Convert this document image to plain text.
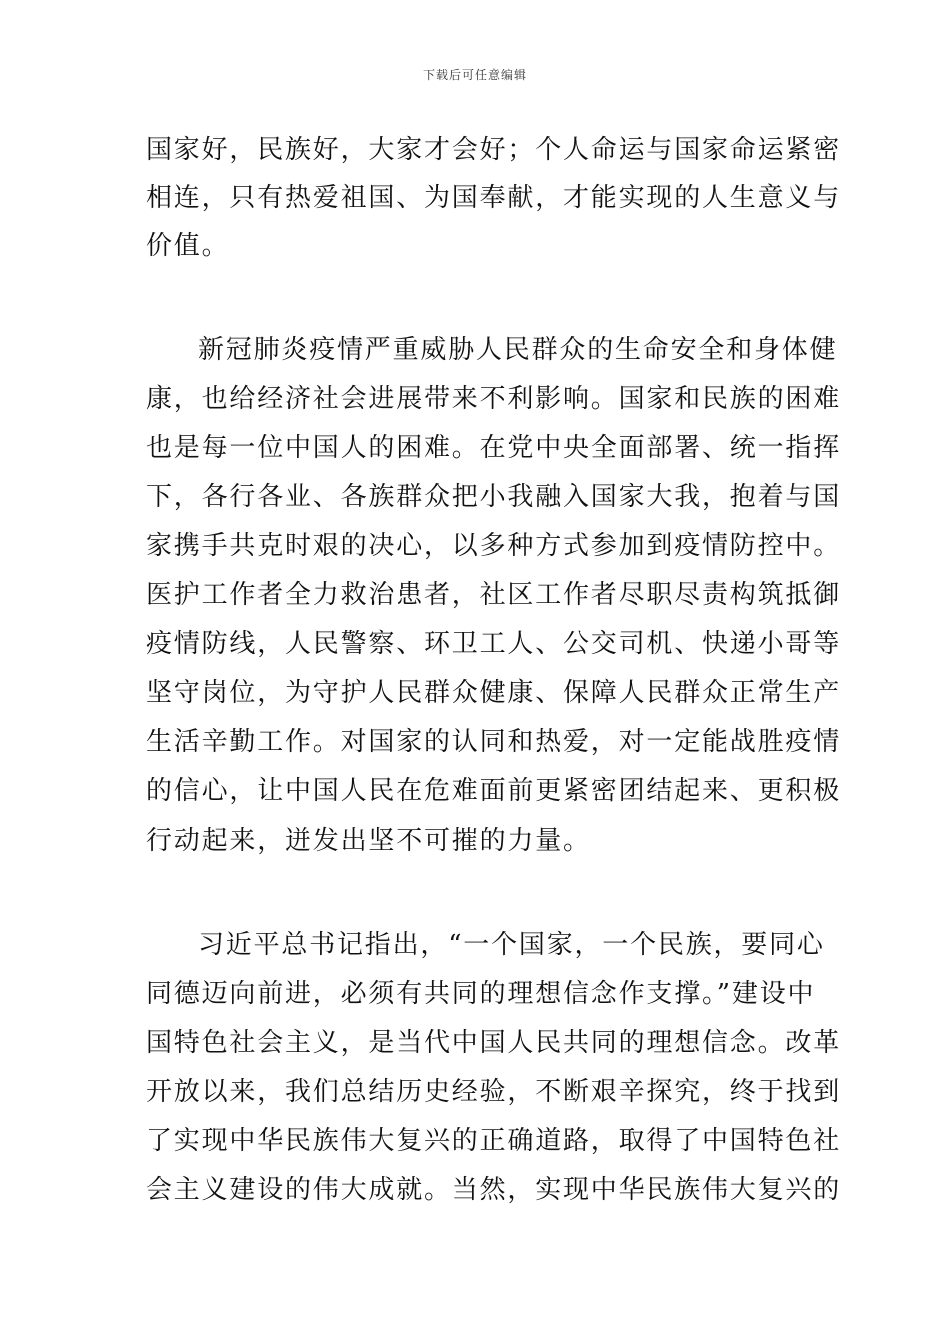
下载后可任意编辑
国家好，民族好，大家才会好；个人命运与国家命运紧密
相连，只有热爱祖国、为国奉献，才能实现的人生意义与
价值。
新冠肺炎疫情严重威胁人民群众的生命安全和身体健
康，也给经济社会进展带来不利影响。国家和民族的困难
也是每一位中国人的困难。在党中央全面部署、统一指挥
下，各行各业、各族群众把小我融入国家大我，抱着与国
家携手共克时艰的决心，以多种方式参加到疫情防控中。
医护工作者全力救治患者，社区工作者尽职尽责构筑抵御
疫情防线，人民警察、环卫工人、公交司机、快递小哥等
坚守岗位，为守护人民群众健康、保障人民群众正常生产
生活辛勤工作。对国家的认同和热爱，对一定能战胜疫情
的信心，让中国人民在危难面前更紧密团结起来、更积极
行动起来，迸发出坚不可摧的力量。
习近平总书记指出，“一个国家，一个民族，要同心
同德迈向前进，必须有共同的理想信念作支撑。”建设中
国特色社会主义，是当代中国人民共同的理想信念。改革
开放以来，我们总结历史经验，不断艰辛探究，终于找到
了实现中华民族伟大复兴的正确道路，取得了中国特色社
会主义建设的伟大成就。当然，实现中华民族伟大复兴的
